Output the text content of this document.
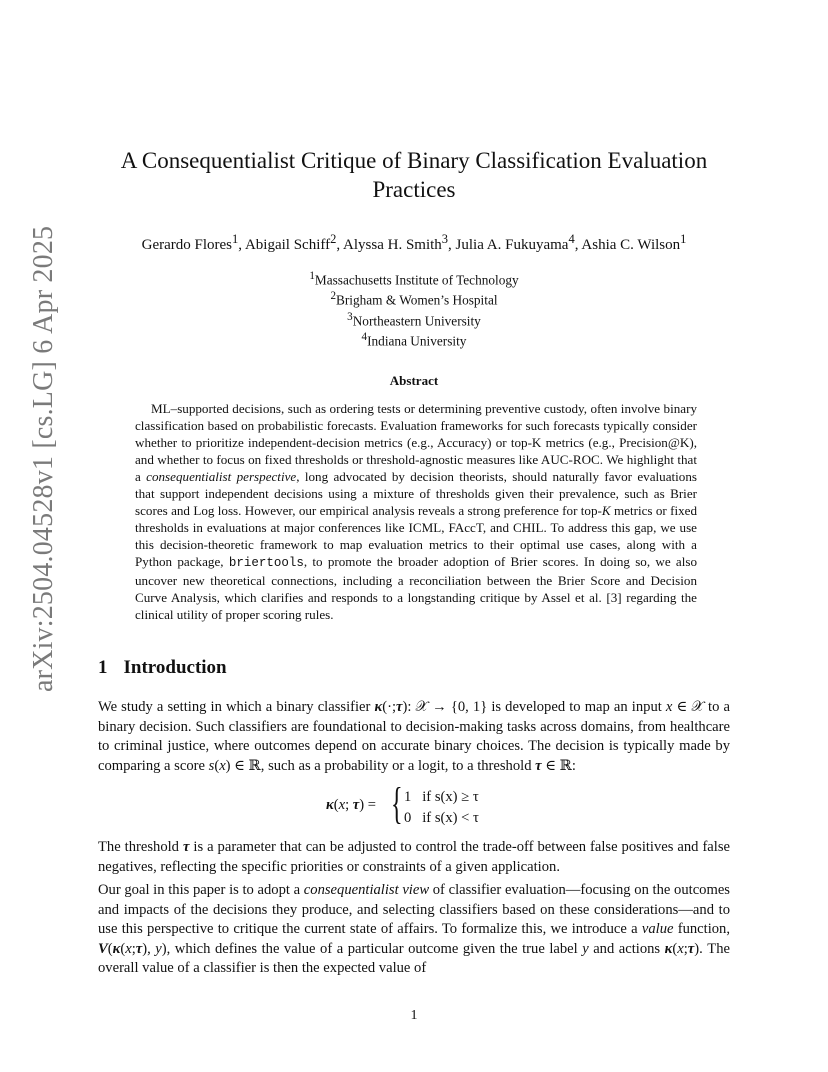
arXiv:2504.04528v1 [cs.LG] 6 Apr 2025
A Consequentialist Critique of Binary Classification Evaluation Practices
Gerardo Flores$^1$, Abigail Schiff$^2$, Alyssa H. Smith$^3$, Julia A. Fukuyama$^4$, Ashia C. Wilson$^1$
$^1$Massachusetts Institute of Technology
$^2$Brigham & Women’s Hospital
$^3$Northeastern University
$^4$Indiana University
Abstract

ML–supported decisions, such as ordering tests or determining preventive custody, often involve binary classification based on probabilistic forecasts. Evaluation frameworks for such forecasts typically consider whether to prioritize independent-decision metrics (e.g., Accuracy) or top-K metrics (e.g., Precision@K), and whether to focus on fixed thresholds or threshold-agnostic measures like AUC-ROC. We highlight that a consequentialist perspective, long advocated by decision theorists, should naturally favor evaluations that support independent decisions using a mixture of thresholds given their prevalence, such as Brier scores and Log loss. However, our empirical analysis reveals a strong preference for top-K metrics or fixed thresholds in evaluations at major conferences like ICML, FAccT, and CHIL. To address this gap, we use this decision-theoretic framework to map evaluation metrics to their optimal use cases, along with a Python package, briertools, to promote the broader adoption of Brier scores. In doing so, we also uncover new theoretical connections, including a reconciliation between the Brier Score and Decision Curve Analysis, which clarifies and responds to a longstanding critique by Assel et al. [3] regarding the clinical utility of proper scoring rules.

1 Introduction

We study a setting in which a binary classifier κ(·;τ): 𝒳 → {0, 1} is developed to map an input x ∈ 𝒳 to a binary decision. Such classifiers are foundational to decision-making tasks across domains, from healthcare to criminal justice, where outcomes depend on accurate binary choices. The decision is typically made by comparing a score s(x) ∈ ℝ, such as a probability or a logit, to a threshold τ ∈ ℝ:

κ(x; τ) = { 1 if s(x) ≥ τ
0 if s(x) < τ

The threshold τ is a parameter that can be adjusted to control the trade-off between false positives and false negatives, reflecting the specific priorities or constraints of a given application.

Our goal in this paper is to adopt a consequentialist view of classifier evaluation—focusing on the outcomes and impacts of the decisions they produce, and selecting classifiers based on these considerations—and to use this perspective to critique the current state of affairs. To formalize this, we introduce a value function, V(κ(x;τ), y), which defines the value of a particular outcome given the true label y and actions κ(x;τ). The overall value of a classifier is then the expected value of

1
